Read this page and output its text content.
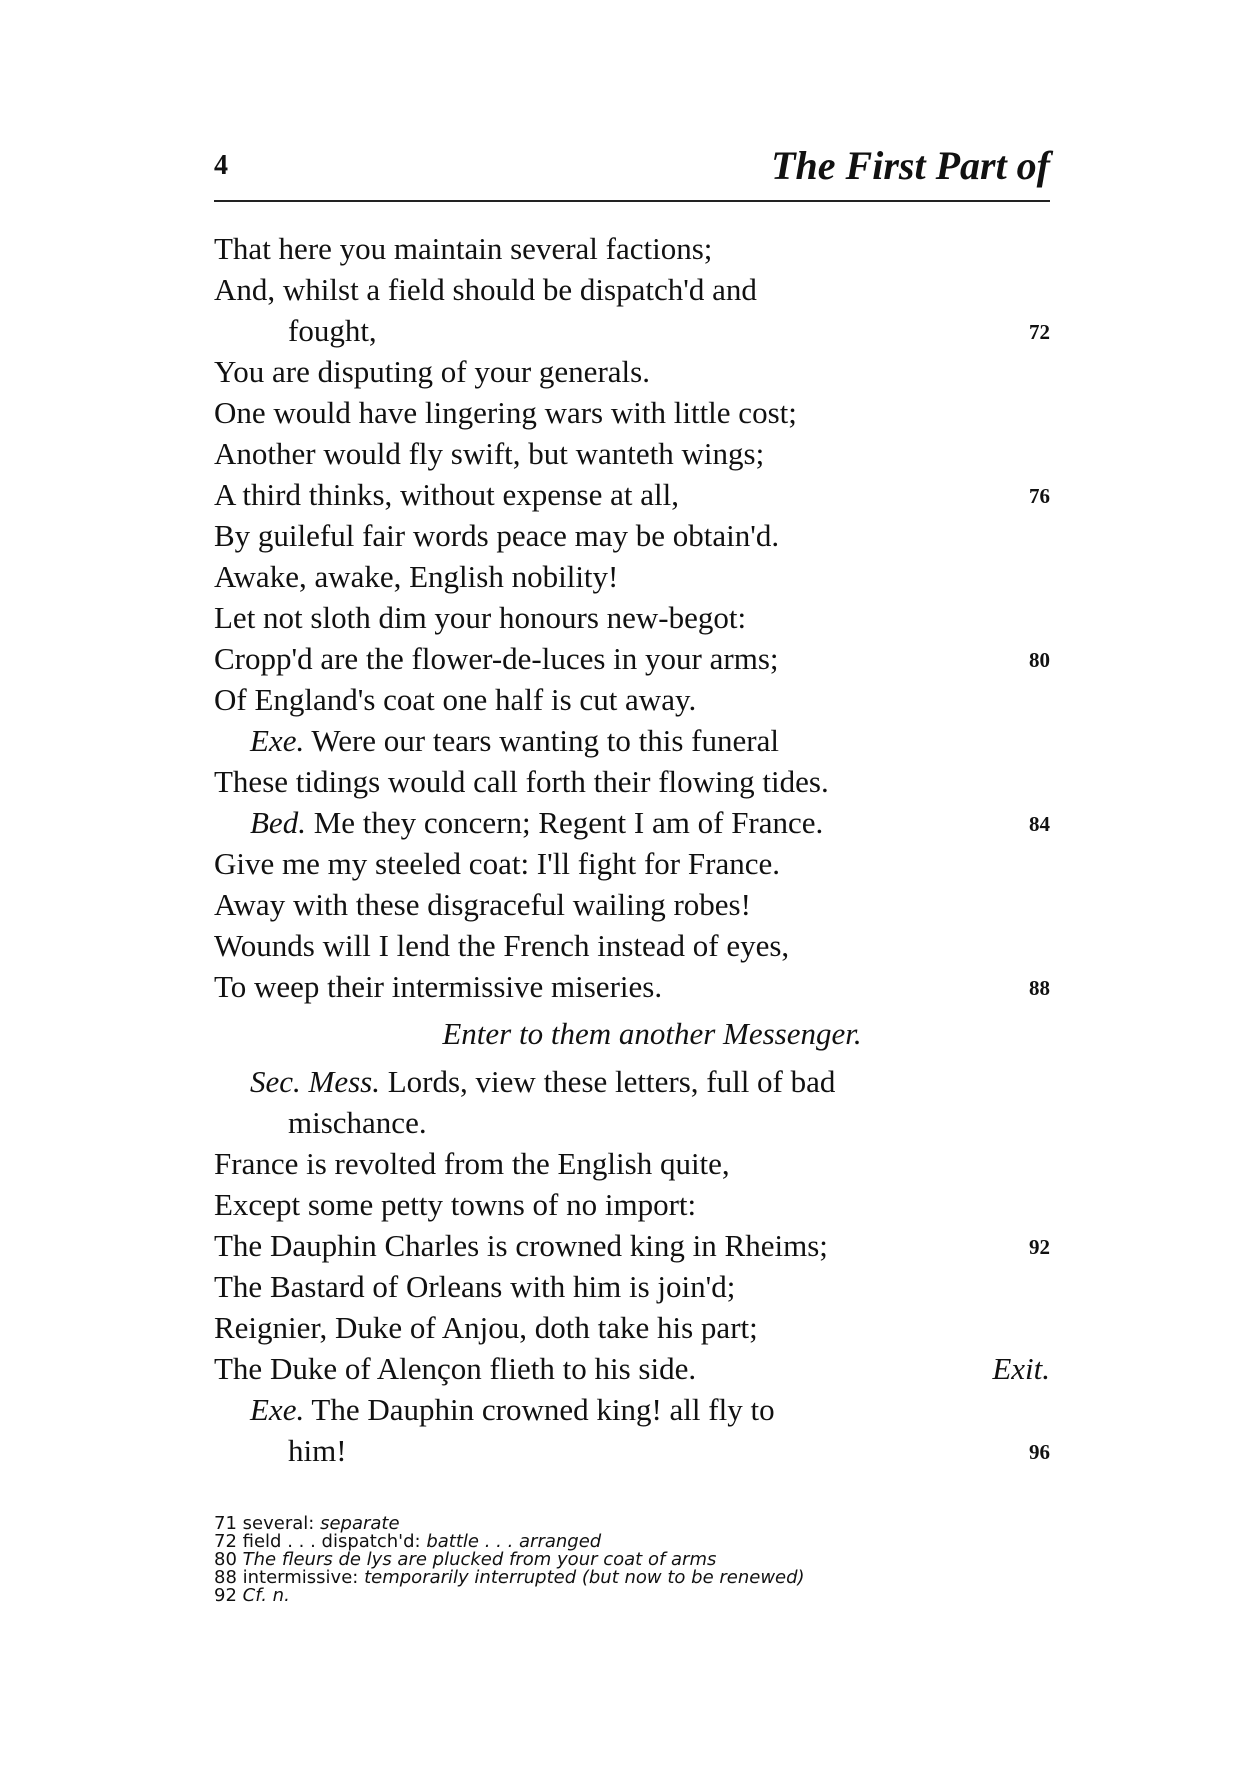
4	The First Part of
That here you maintain several factions;
And, whilst a field should be dispatch'd and
fought,	72
You are disputing of your generals.
One would have lingering wars with little cost;
Another would fly swift, but wanteth wings;
A third thinks, without expense at all,	76
By guileful fair words peace may be obtain'd.
Awake, awake, English nobility!
Let not sloth dim your honours new-begot:
Cropp'd are the flower-de-luces in your arms;	80
Of England's coat one half is cut away.
Exe. Were our tears wanting to this funeral
These tidings would call forth their flowing tides.
Bed. Me they concern; Regent I am of France.	84
Give me my steeled coat: I'll fight for France.
Away with these disgraceful wailing robes!
Wounds will I lend the French instead of eyes,
To weep their intermissive miseries.	88
Enter to them another Messenger.
Sec. Mess. Lords, view these letters, full of bad
mischance.
France is revolted from the English quite,
Except some petty towns of no import:
The Dauphin Charles is crowned king in Rheims;	92
The Bastard of Orleans with him is join'd;
Reignier, Duke of Anjou, doth take his part;
The Duke of Alençon flieth to his side.	Exit.
Exe. The Dauphin crowned king! all fly to
him!	96
71 several: separate
72 field . . . dispatch'd: battle . . . arranged
80 The fleurs de lys are plucked from your coat of arms
88 intermissive: temporarily interrupted (but now to be renewed)
92 Cf. n.
